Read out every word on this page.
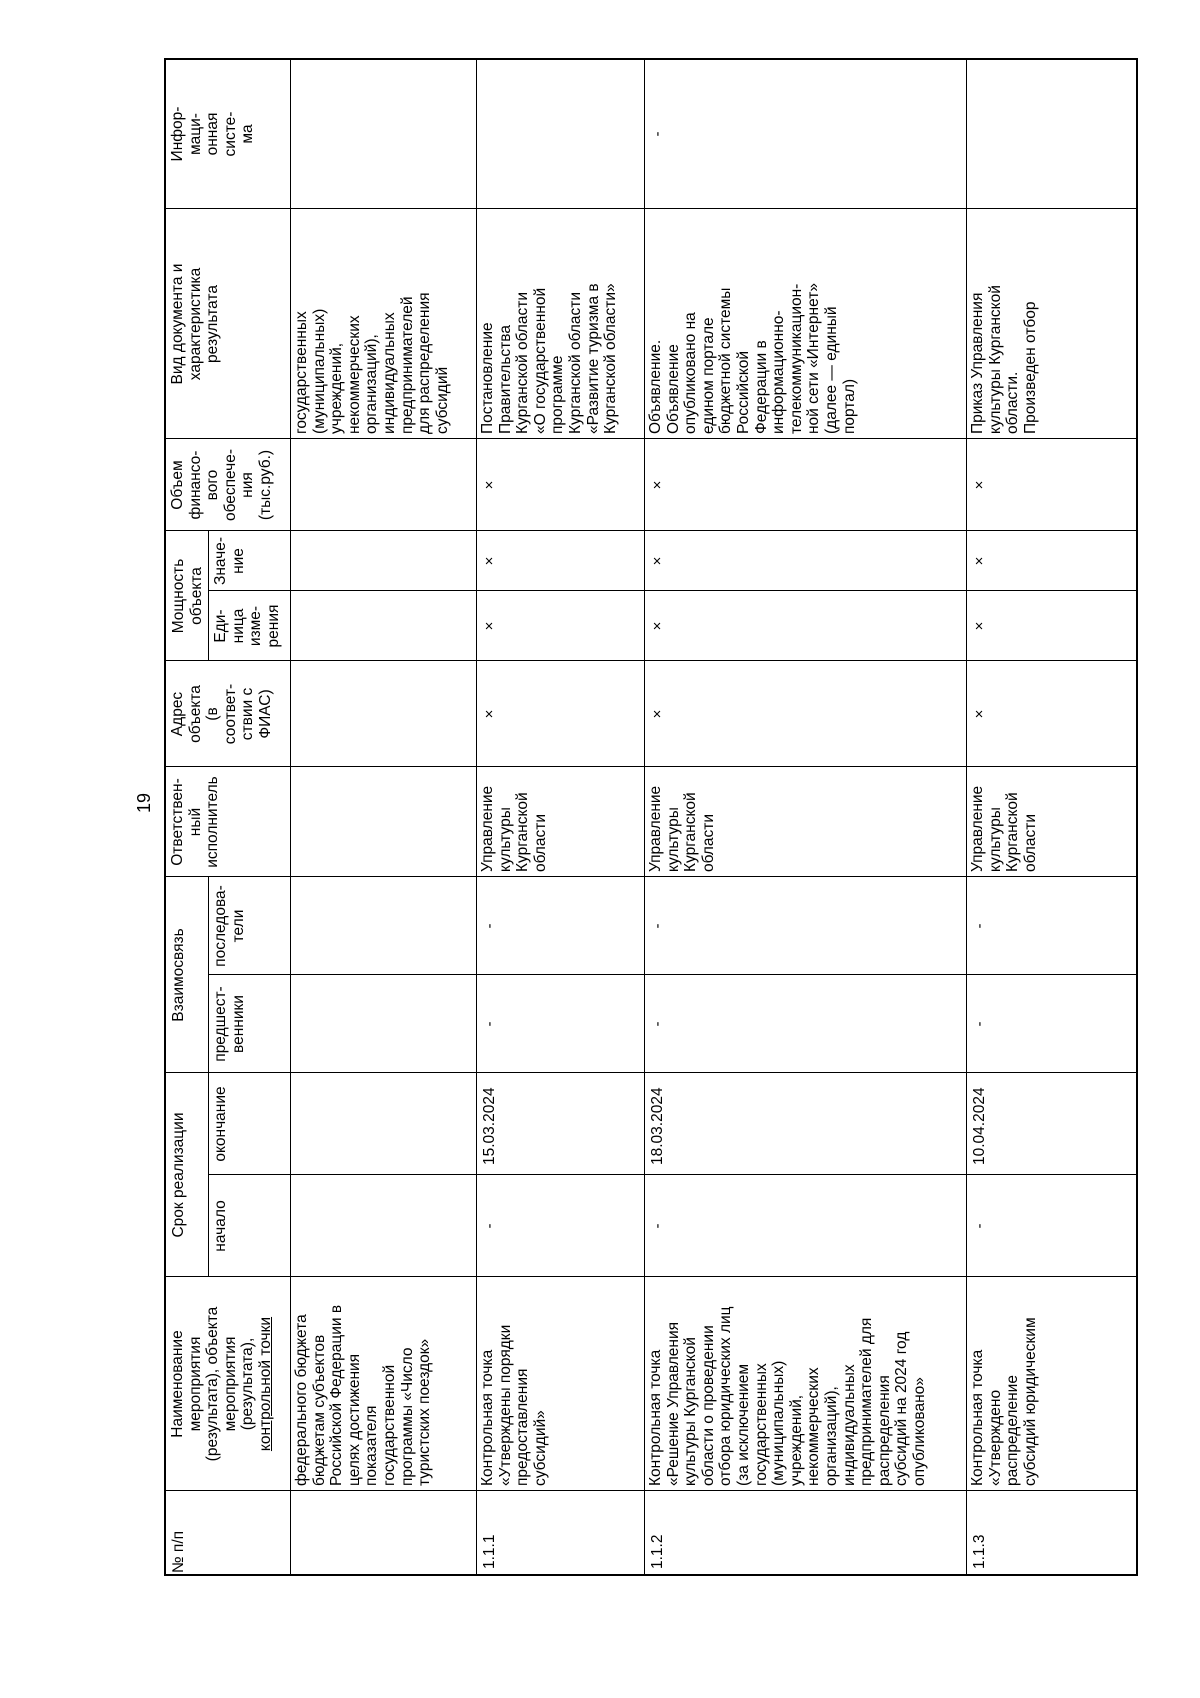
19
№ п/п
Наименование мероприятия (результата), объекта мероприятия (результата), контрольной точки
Ответствен- ный исполнитель
Адрес объекта (в соответ- ствии с ФИАС)
Объем финансо- вого обеспече- ния (тыс.руб.)
Вид документа и характеристика результата
Инфор- маци- онная систе- ма
Срок реализации начало
окончание
Взаимосвязь
предшест- венники
последова- тели
Мощность объекта
Еди- ница изме- рения
Значе- ние
федерального бюджета бюджетам субъектов Российской Федерации в целях достижения показателя государственной программы «Число туристских поездок»
государственных (муниципальных) учреждений, некоммерческих организаций), индивидуальных предпринимателей для распределения субсидий
1.1.1
Контрольная точка «Утверждены порядки предоставления субсидий»
-
15.03.2024
-
-
Управление культуры Курганской области
×
×
×
×
Постановление Правительства Курганской области «О государственной программе Курганской области «Развитие туризма в Курганской области»
1.1.2
Контрольная точка «Решение Управления культуры Курганской области о проведении отбора юридических лиц (за исключением государственных (муниципальных) учреждений, некоммерческих организаций), индивидуальных предпринимателей для распределения субсидий на 2024 год опубликовано»
-
18.03.2024
-
-
Управление культуры Курганской области
×
×
×
×
Объявление. Объявление опубликовано на едином портале бюджетной системы Российской Федерации в информационно- телекоммуникацион- ной сети «Интернет» (далее — единый портал)
-
1.1.3
Контрольная точка «Утверждено распределение субсидий юридическим
-
10.04.2024
-
-
Управление культуры Курганской области
×
×
×
×
Приказ Управления культуры Курганской области. Произведен отбор
